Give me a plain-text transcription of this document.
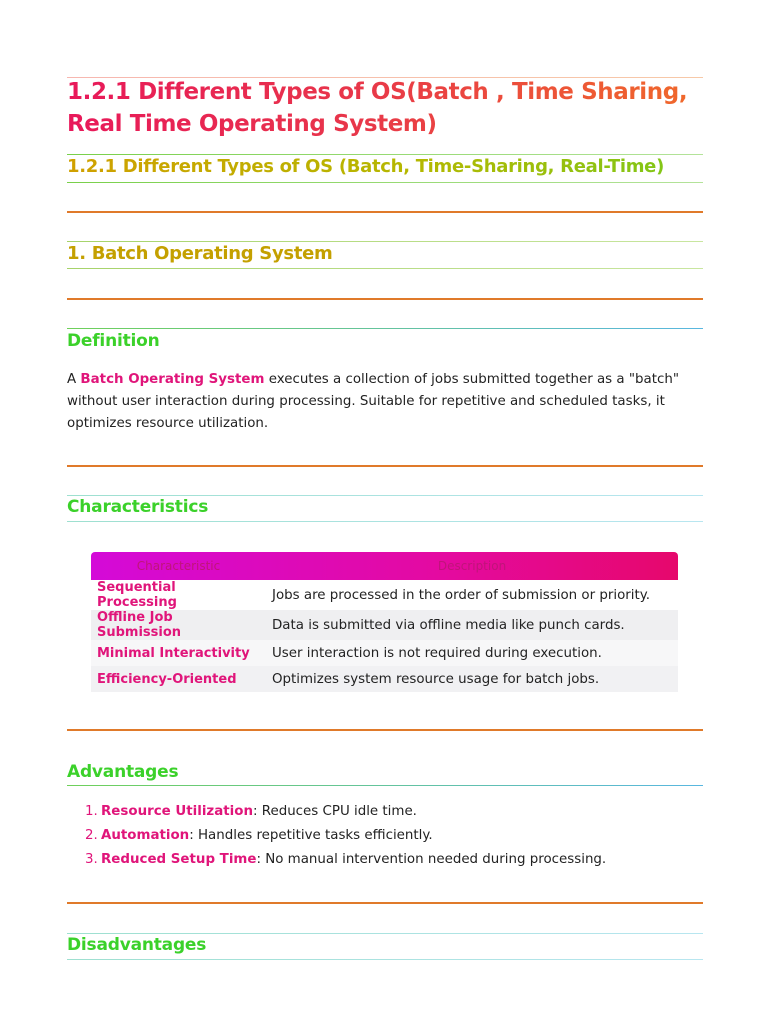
1.2.1 Different Types of OS(Batch , Time Sharing, Real Time Operating System)
1.2.1 Different Types of OS (Batch, Time-Sharing, Real-Time)
1. Batch Operating System
Definition

A Batch Operating System executes a collection of jobs submitted together as a "batch" without user interaction during processing. Suitable for repetitive and scheduled tasks, it optimizes resource utilization.

Characteristics
Characteristic	Description
Sequential Processing	Jobs are processed in the order of submission or priority.
Offline Job Submission	Data is submitted via offline media like punch cards.
Minimal Interactivity	User interaction is not required during execution.
Efficiency-Oriented	Optimizes system resource usage for batch jobs.
Advantages
1. Resource Utilization: Reduces CPU idle time.
2. Automation: Handles repetitive tasks efficiently.
3. Reduced Setup Time: No manual intervention needed during processing.
Disadvantages
